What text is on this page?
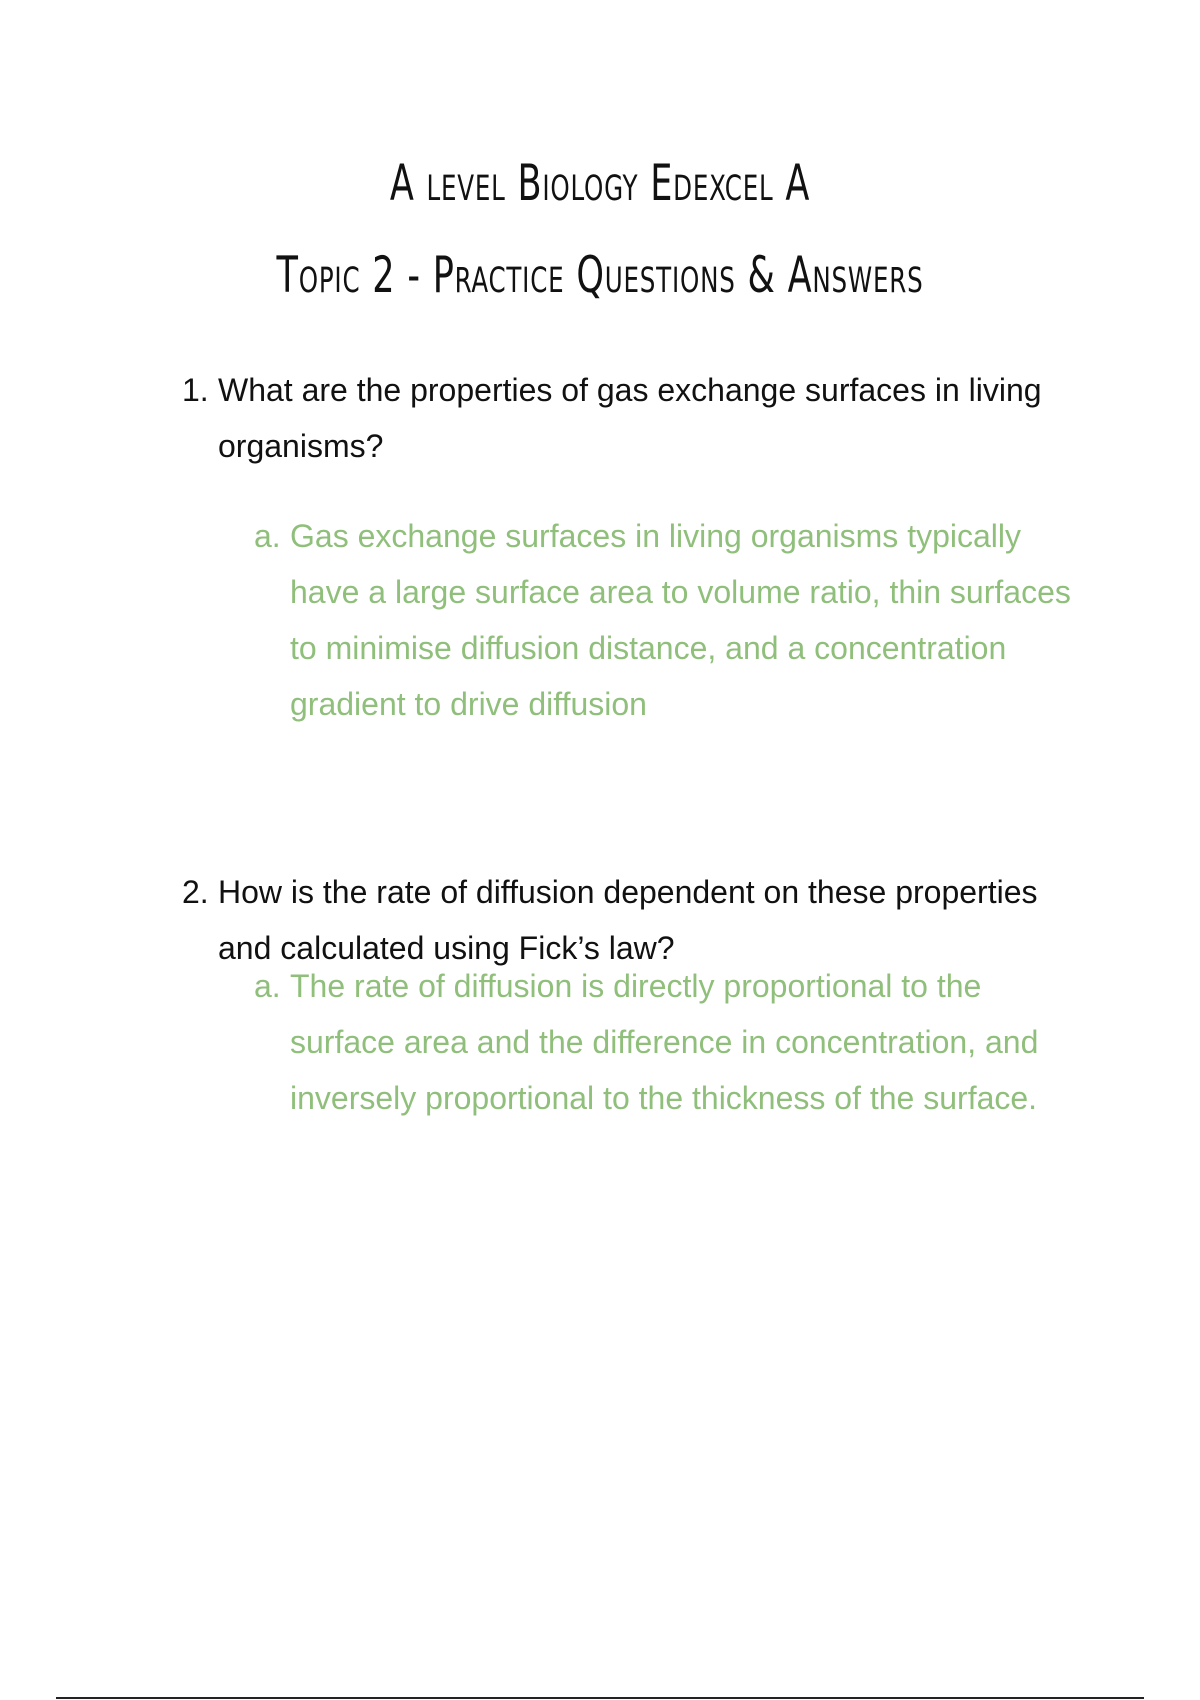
A level Biology Edexcel A
Topic 2 - Practice Questions & Answers
1. What are the properties of gas exchange surfaces in living organisms?
a. Gas exchange surfaces in living organisms typically have a large surface area to volume ratio, thin surfaces to minimise diffusion distance, and a concentration gradient to drive diffusion
2. How is the rate of diffusion dependent on these properties and calculated using Fick’s law?
a. The rate of diffusion is directly proportional to the surface area and the difference in concentration, and inversely proportional to the thickness of the surface.
